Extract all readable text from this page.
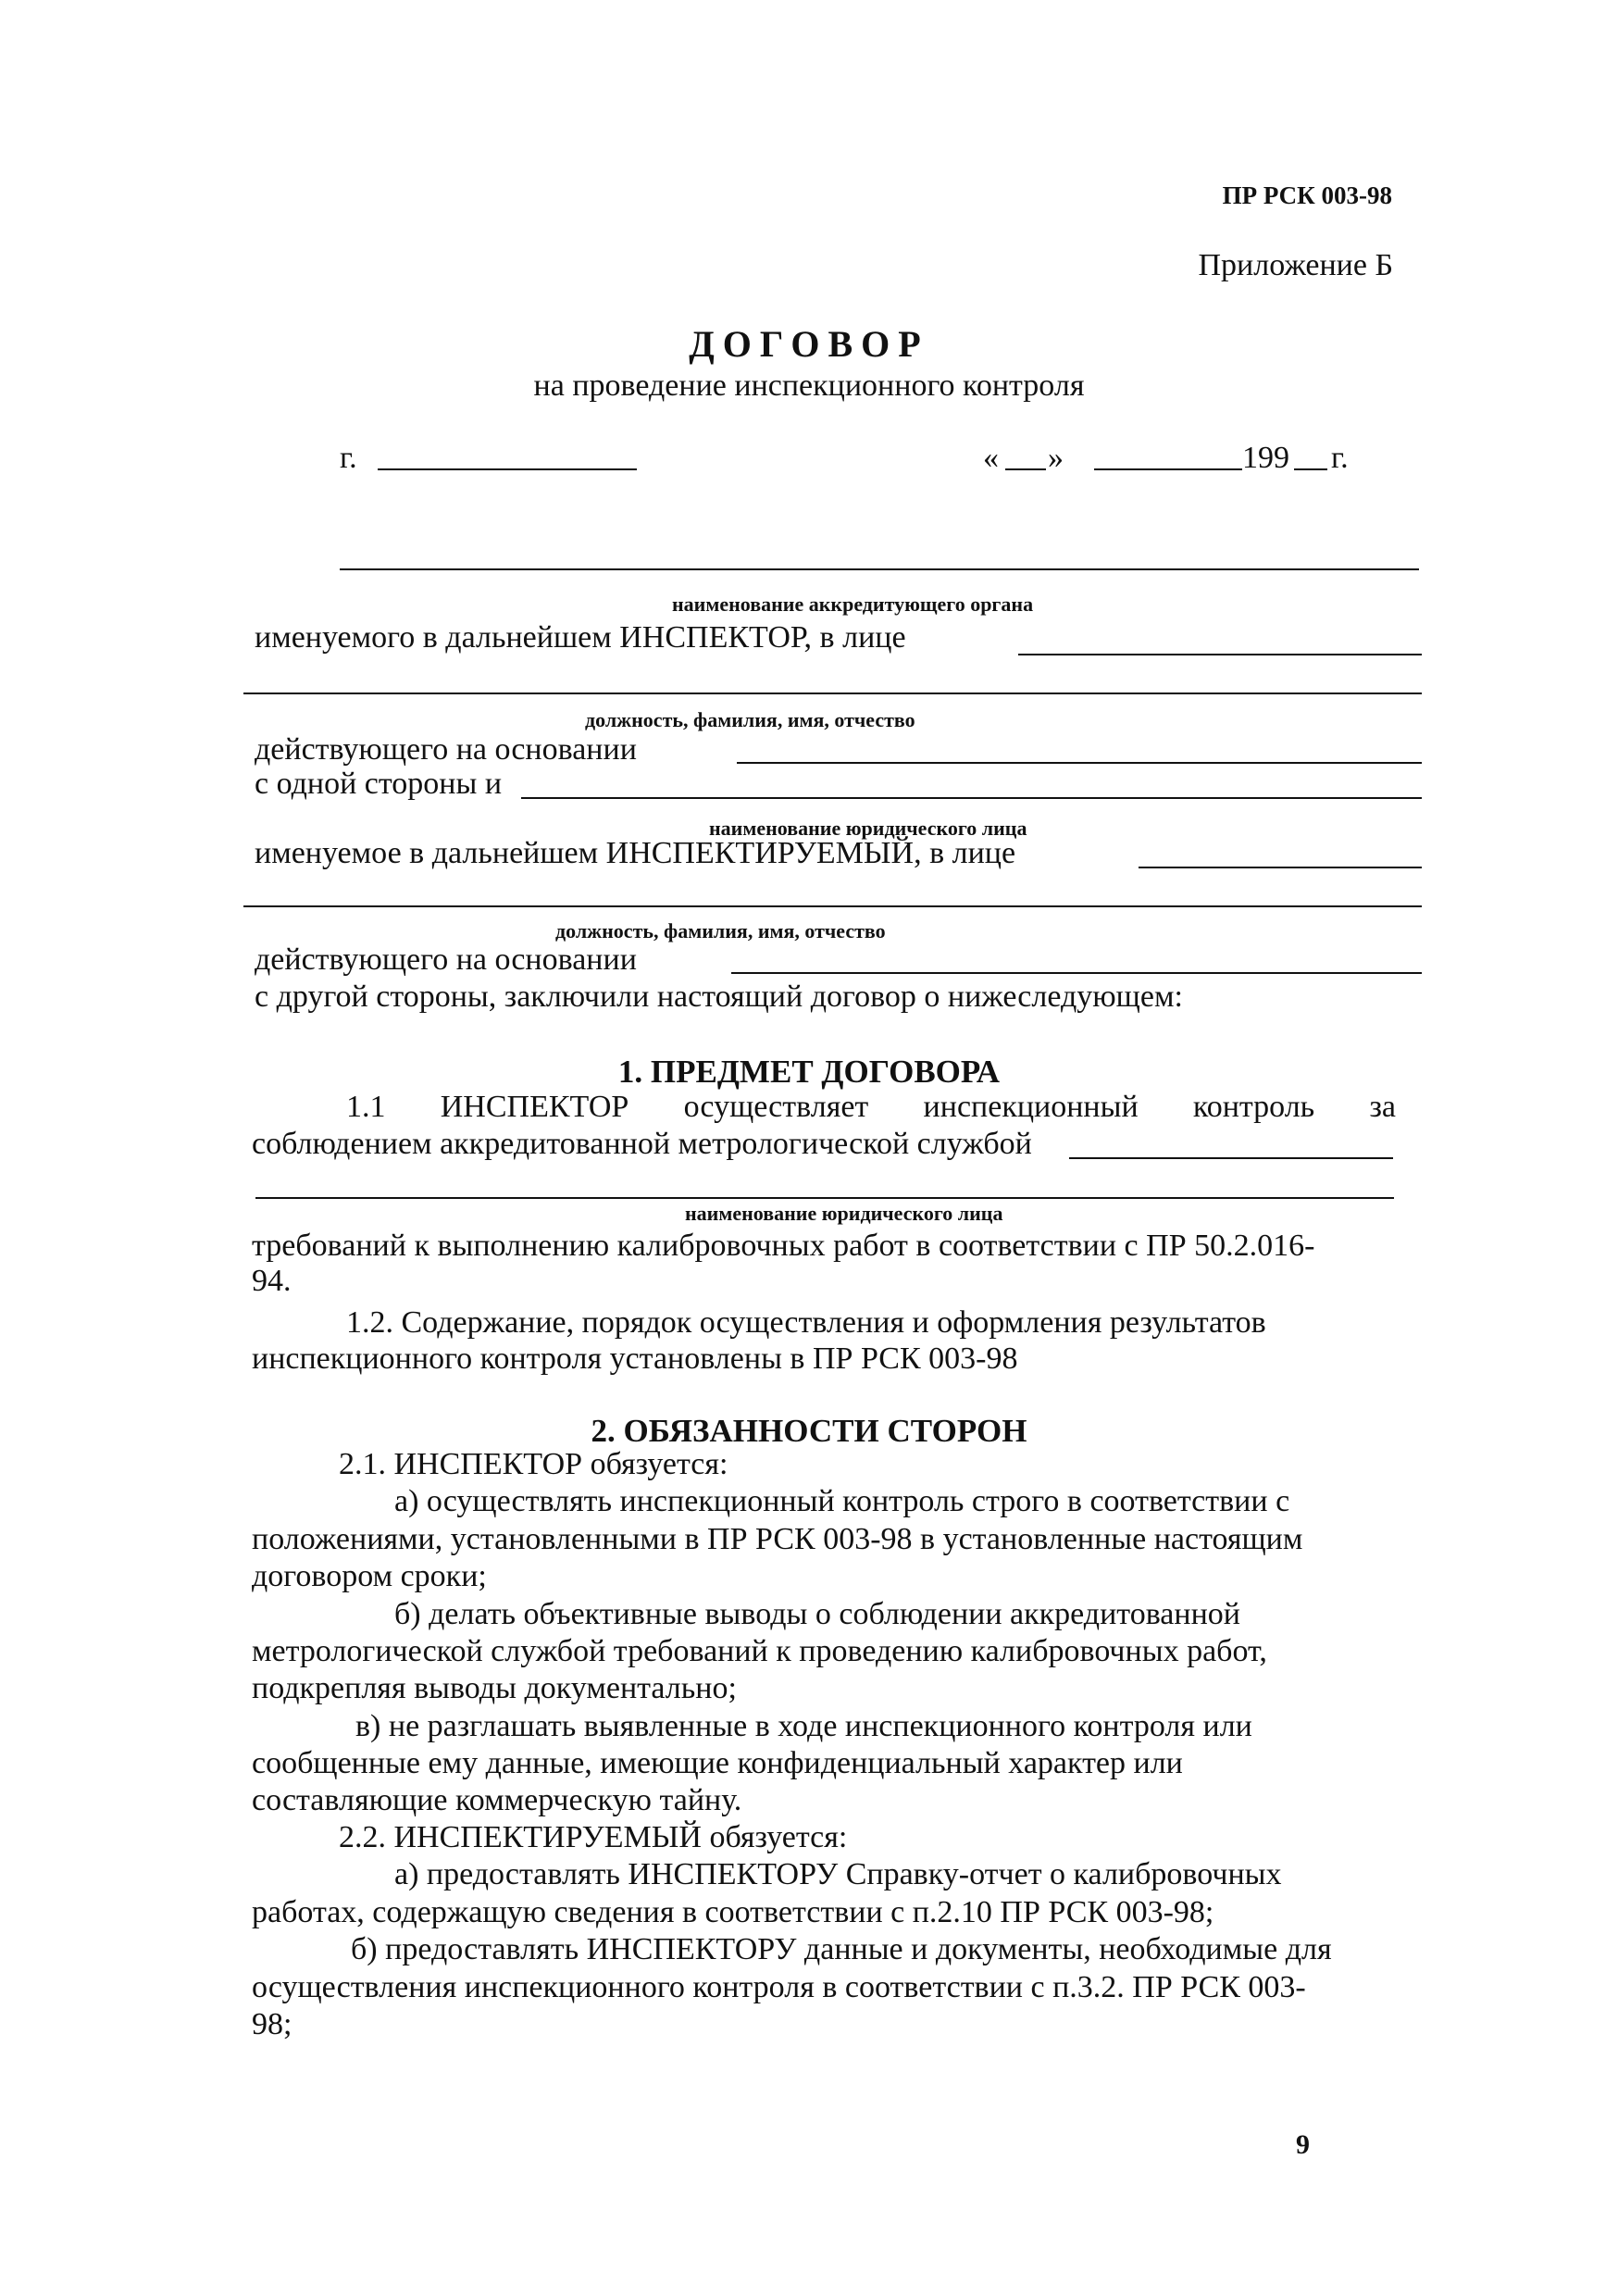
ПР РСК 003-98
Приложение Б
ДОГОВОР
на проведение инспекционного контроля
г.	« »	199 г.
наименование аккредитующего органа
именуемого в дальнейшем ИНСПЕКТОР, в лице
должность, фамилия, имя, отчество
действующего на основании
с одной стороны и
наименование юридического лица
именуемое в дальнейшем ИНСПЕКТИРУЕМЫЙ, в лице
должность, фамилия, имя, отчество
действующего на основании
с другой стороны, заключили настоящий договор о нижеследующем:
1. ПРЕДМЕТ ДОГОВОРА
1.1 ИНСПЕКТОР осуществляет инспекционный контроль за
соблюдением аккредитованной метрологической службой
наименование юридического лица
требований к выполнению калибровочных работ в соответствии с ПР 50.2.016-
94.
1.2. Содержание, порядок осуществления и оформления результатов
инспекционного контроля установлены в ПР РСК 003-98
2. ОБЯЗАННОСТИ СТОРОН
2.1. ИНСПЕКТОР обязуется:
а) осуществлять инспекционный контроль строго в соответствии с
положениями, установленными в ПР РСК 003-98 в установленные настоящим
договором сроки;
б) делать объективные выводы о соблюдении аккредитованной
метрологической службой требований к проведению калибровочных работ,
подкрепляя выводы документально;
в) не разглашать выявленные в ходе инспекционного контроля или
сообщенные ему данные, имеющие конфиденциальный характер или
составляющие коммерческую тайну.
2.2. ИНСПЕКТИРУЕМЫЙ обязуется:
а) предоставлять ИНСПЕКТОРУ Справку-отчет о калибровочных
работах, содержащую сведения в соответствии с п.2.10 ПР РСК 003-98;
б) предоставлять ИНСПЕКТОРУ данные и документы, необходимые для
осуществления инспекционного контроля в соответствии с п.3.2. ПР РСК 003-
98;
9
